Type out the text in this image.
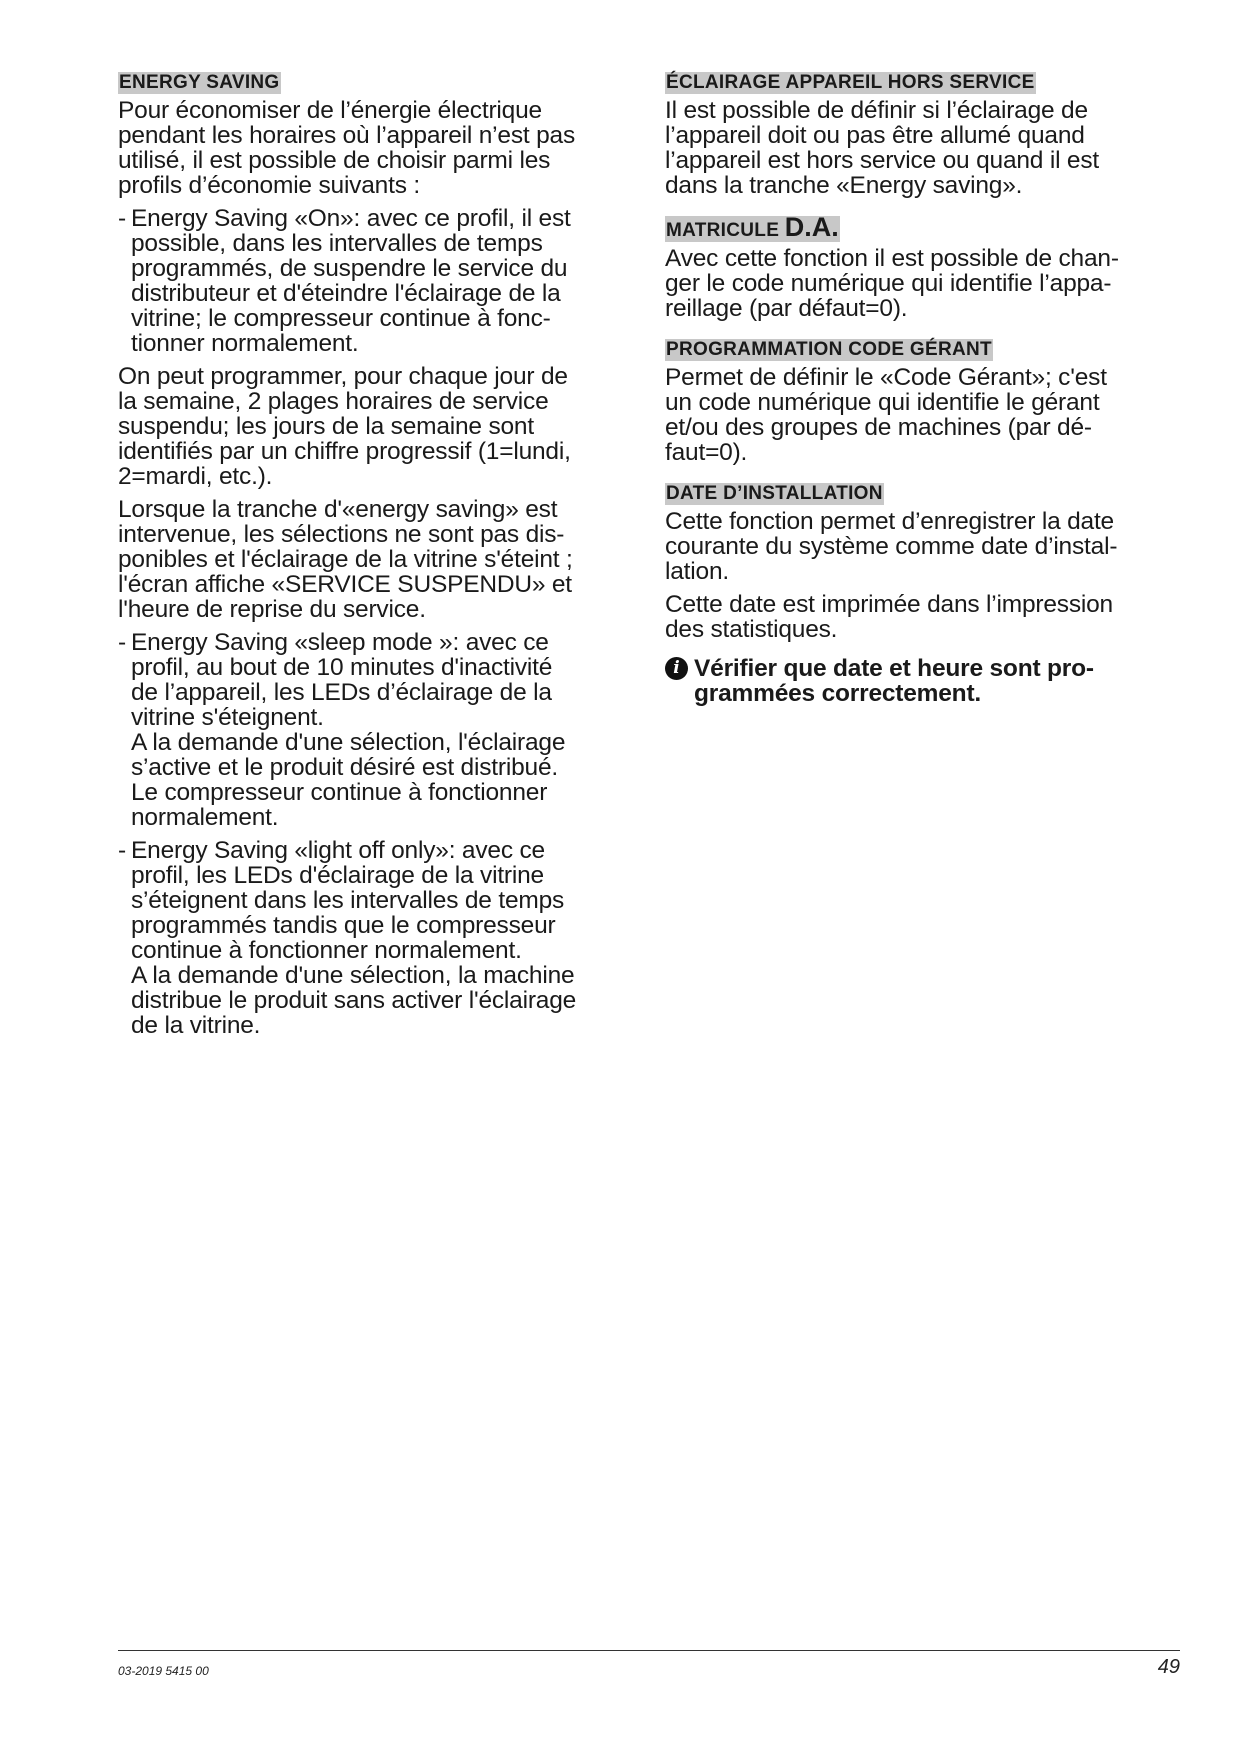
ENERGY SAVING

Pour économiser de l’énergie électrique
pendant les horaires où l’appareil n’est pas
utilisé, il est possible de choisir parmi les
profils d’économie suivants :

- Energy Saving «On»: avec ce profil, il est
possible, dans les intervalles de temps
programmés, de suspendre le service du
distributeur et d'éteindre l'éclairage de la
vitrine; le compresseur continue à fonc-
tionner normalement.

On peut programmer, pour chaque jour de
la semaine, 2 plages horaires de service
suspendu; les jours de la semaine sont
identifiés par un chiffre progressif (1=lundi,
2=mardi, etc.).

Lorsque la tranche d'«energy saving» est
intervenue, les sélections ne sont pas dis-
ponibles et l'éclairage de la vitrine s'éteint ;
l'écran affiche «SERVICE SUSPENDU» et
l'heure de reprise du service.

- Energy Saving «sleep mode »: avec ce
profil, au bout de 10 minutes d'inactivité
de l’appareil, les LEDs d’éclairage de la
vitrine s'éteignent.
A la demande d'une sélection, l'éclairage
s’active et le produit désiré est distribué.
Le compresseur continue à fonctionner
normalement.

- Energy Saving «light off only»: avec ce
profil, les LEDs d'éclairage de la vitrine
s’éteignent dans les intervalles de temps
programmés tandis que le compresseur
continue à fonctionner normalement.
A la demande d'une sélection, la machine
distribue le produit sans activer l'éclairage
de la vitrine.

ÉCLAIRAGE APPAREIL HORS SERVICE

Il est possible de définir si l’éclairage de
l’appareil doit ou pas être allumé quand
l’appareil est hors service ou quand il est
dans la tranche «Energy saving».

MATRICULE D.A.

Avec cette fonction il est possible de chan-
ger le code numérique qui identifie l’appa-
reillage (par défaut=0).

PROGRAMMATION CODE GÉRANT

Permet de définir le «Code Gérant»; c'est
un code numérique qui identifie le gérant
et/ou des groupes de machines (par dé-
faut=0).

DATE D’INSTALLATION

Cette fonction permet d’enregistrer la date
courante du système comme date d’instal-
lation.

Cette date est imprimée dans l’impression
des statistiques.

i Vérifier que date et heure sont pro-
grammées correctement.

03-2019 5415 00	49
